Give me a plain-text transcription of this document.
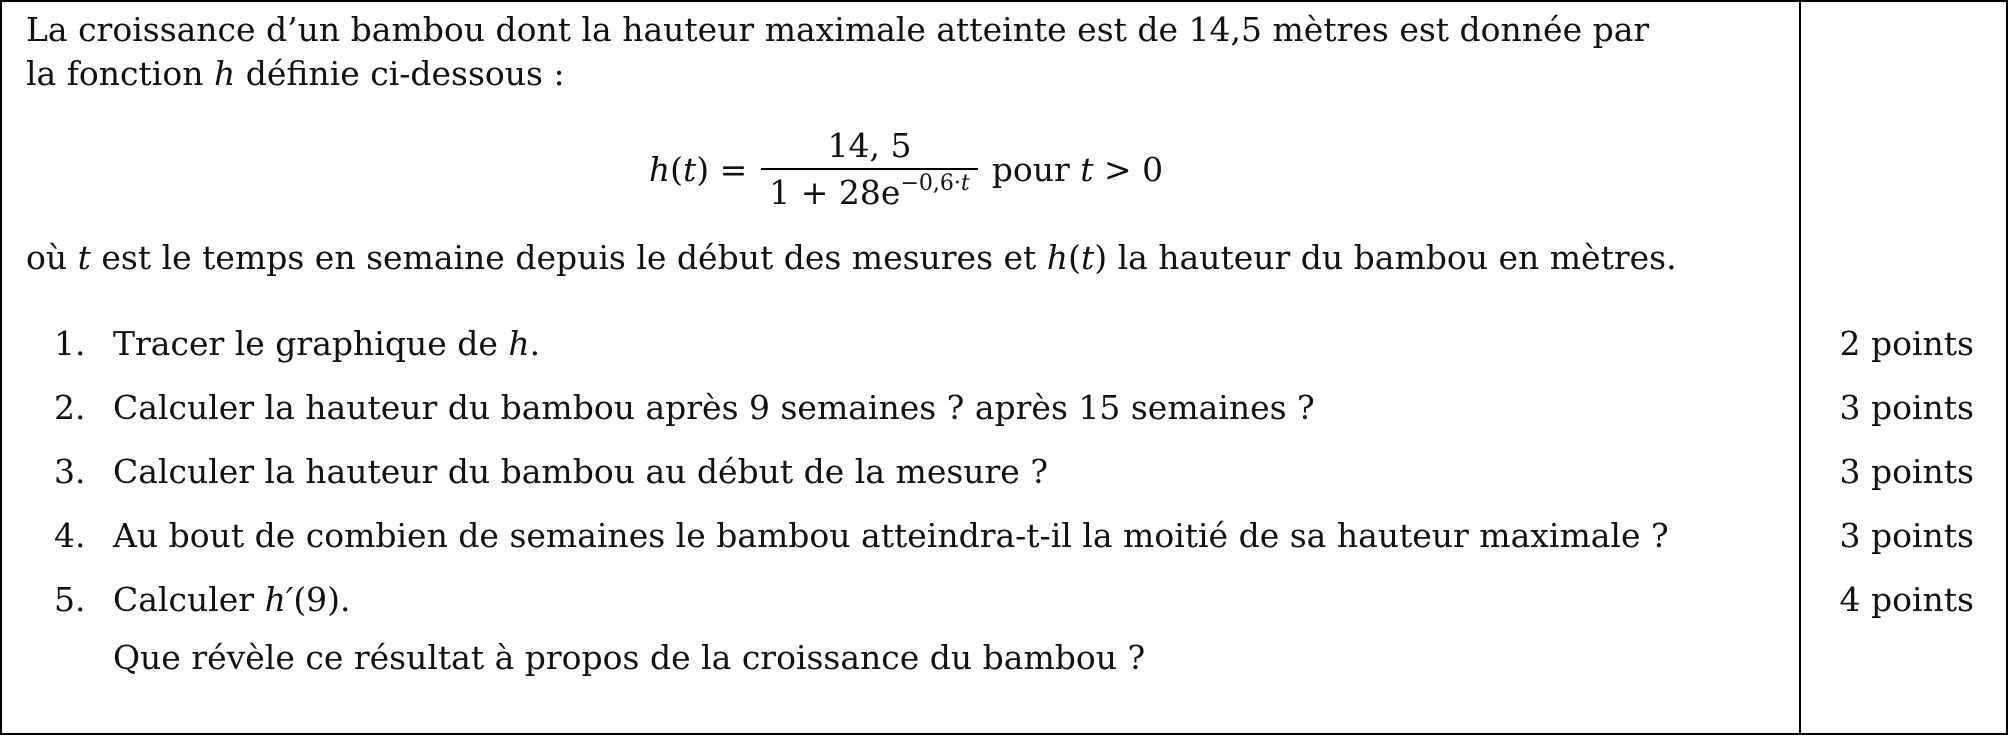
La croissance d’un bambou dont la hauteur maximale atteinte est de 14,5 mètres est donnée par
la fonction h définie ci-dessous :

$h(t) = \frac{14, 5}{1 + 28e^{-0,6\cdot t}}$ pour t > 0

où t est le temps en semaine depuis le début des mesures et h(t) la hauteur du bambou en mètres.

1. Tracer le graphique de h.
2. Calculer la hauteur du bambou après 9 semaines ? après 15 semaines ?
3. Calculer la hauteur du bambou au début de la mesure ?
4. Au bout de combien de semaines le bambou atteindra-t-il la moitié de sa hauteur maximale ?
5. Calculer h′(9).
Que révèle ce résultat à propos de la croissance du bambou ?
2 points
3 points
3 points
3 points
4 points
